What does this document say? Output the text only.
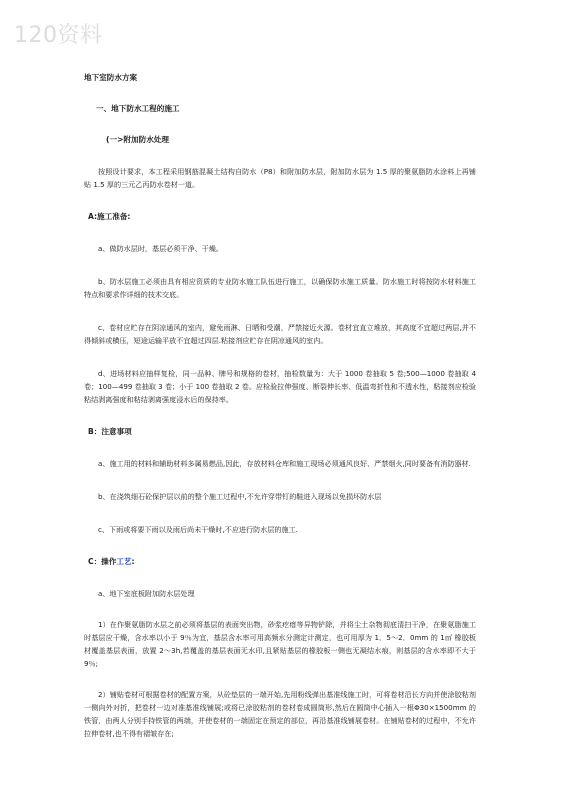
120资料
地下室防水方案
一、地下防水工程的施工
(一>附加防水处理

按照设计要求，本工程采用钢筋混凝土结构自防水（P8）和附加防水层，附加防水层为 1.5 厚的聚氨脂防水涂料上再铺贴 1.5 厚的三元乙丙防水卷材一道。

A:施工准备:

a、做防水层时，基层必须干净、干燥。

b、防水层施工必须由具有相应资质的专业防水施工队伍进行施工，以确保防水施工质量。防水施工时将按防水材料施工特点和要求作详细的技术交底。

c、卷材应贮存在阴凉通风的室内，避免雨淋、日晒和受潮，严禁接近火源。卷材宜直立堆放，其高度不宜超过两层,并不得倾斜或横压，短途运输平放不宜超过四层.粘接剂应贮存在阴凉通风的室内。

d、进场材料应抽样复检，同一品种、牌号和规格的卷材，抽检数量为：大于 1000 卷抽取 5 卷;500—1000 卷抽取 4 卷；100—499 卷抽取 3 卷；小于 100 卷抽取 2 卷。应检验拉伸强度、断裂伸长率、低温弯折性和不透水性，粘接剂应检验粘结剥离强度和粘结剥离强度浸水后的保持率。

B：注意事项

a、施工用的材料和辅助材料多属易燃品,因此，存放材料仓库和施工现场必须通风良好、严禁烟火,同时要备有消防器材.

b、在浇筑细石砼保护层以前的整个施工过程中,不允许穿带钉的鞋进入现场以免损坏防水层

c、下雨或将要下雨以及雨后尚未干燥时,不应进行防水层的施工.

C：操作工艺:

a、地下室底板附加防水层处理

1）在作聚氨脂防水层之前必须将基层的表面突出物，砂浆疙瘩等异物铲除，并将尘土杂物彻底清扫干净，在聚氨脂施工时基层应干燥，含水率以小于 9％为宜，基层含水率可用高频水分测定计测定，也可用厚为 1．5～2．0mm 的 1㎡ 橡胶板材覆盖基层表面，放置 2～3h,若覆盖的基层表面无水印,且紧贴基层的橡胶板一侧也无凝结水痕，则基层的含水率即不大于 9％;

2）铺贴卷材可根据卷材的配置方案，从砼垫层的一端开始,先用粉线弹出基准线施工时，可将卷材沿长方向并使涂胶粘剂一侧向外对折，把卷材一边对准基准线铺展;或将已涂胶粘剂的卷材卷成圆筒形,然后在圆筒中心插入一根Φ30×1500mm 的铁管，由两人分别手持铁管的两端，并使卷材的一端固定在预定的部位，再沿基准线铺展卷材。在铺贴卷材的过程中，不允许拉伸卷材,也不得有褶皱存在;
